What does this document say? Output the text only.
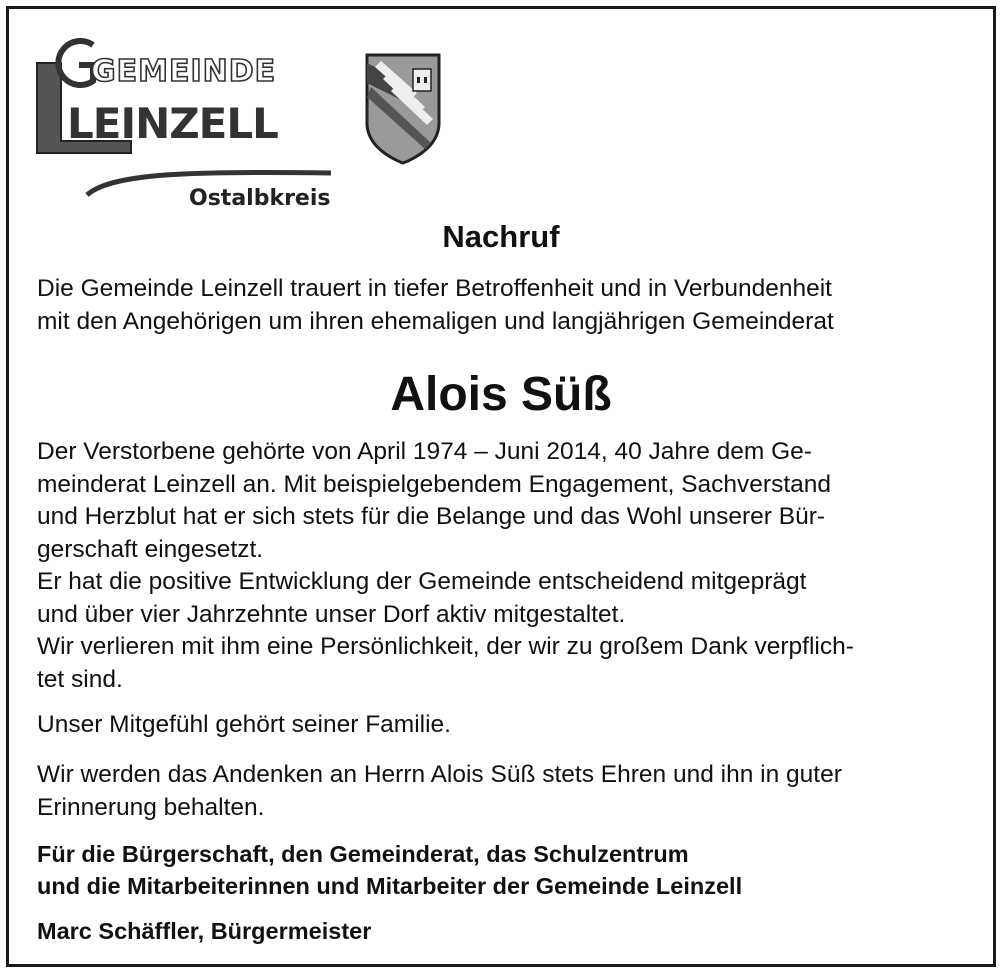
GEMEINDE
LEINZELL
Ostalbkreis
Nachruf
Die Gemeinde Leinzell trauert in tiefer Betroffenheit und in Verbundenheit
mit den Angehörigen um ihren ehemaligen und langjährigen Gemeinderat
Alois Süß
Der Verstorbene gehörte von April 1974 – Juni 2014, 40 Jahre dem Ge-
meinderat Leinzell an. Mit beispielgebendem Engagement, Sachverstand
und Herzblut hat er sich stets für die Belange und das Wohl unserer Bür-
gerschaft eingesetzt.
Er hat die positive Entwicklung der Gemeinde entscheidend mitgeprägt
und über vier Jahrzehnte unser Dorf aktiv mitgestaltet.
Wir verlieren mit ihm eine Persönlichkeit, der wir zu großem Dank verpflich-
tet sind.
Unser Mitgefühl gehört seiner Familie.
Wir werden das Andenken an Herrn Alois Süß stets Ehren und ihn in guter
Erinnerung behalten.
Für die Bürgerschaft, den Gemeinderat, das Schulzentrum
und die Mitarbeiterinnen und Mitarbeiter der Gemeinde Leinzell
Marc Schäffler, Bürgermeister
